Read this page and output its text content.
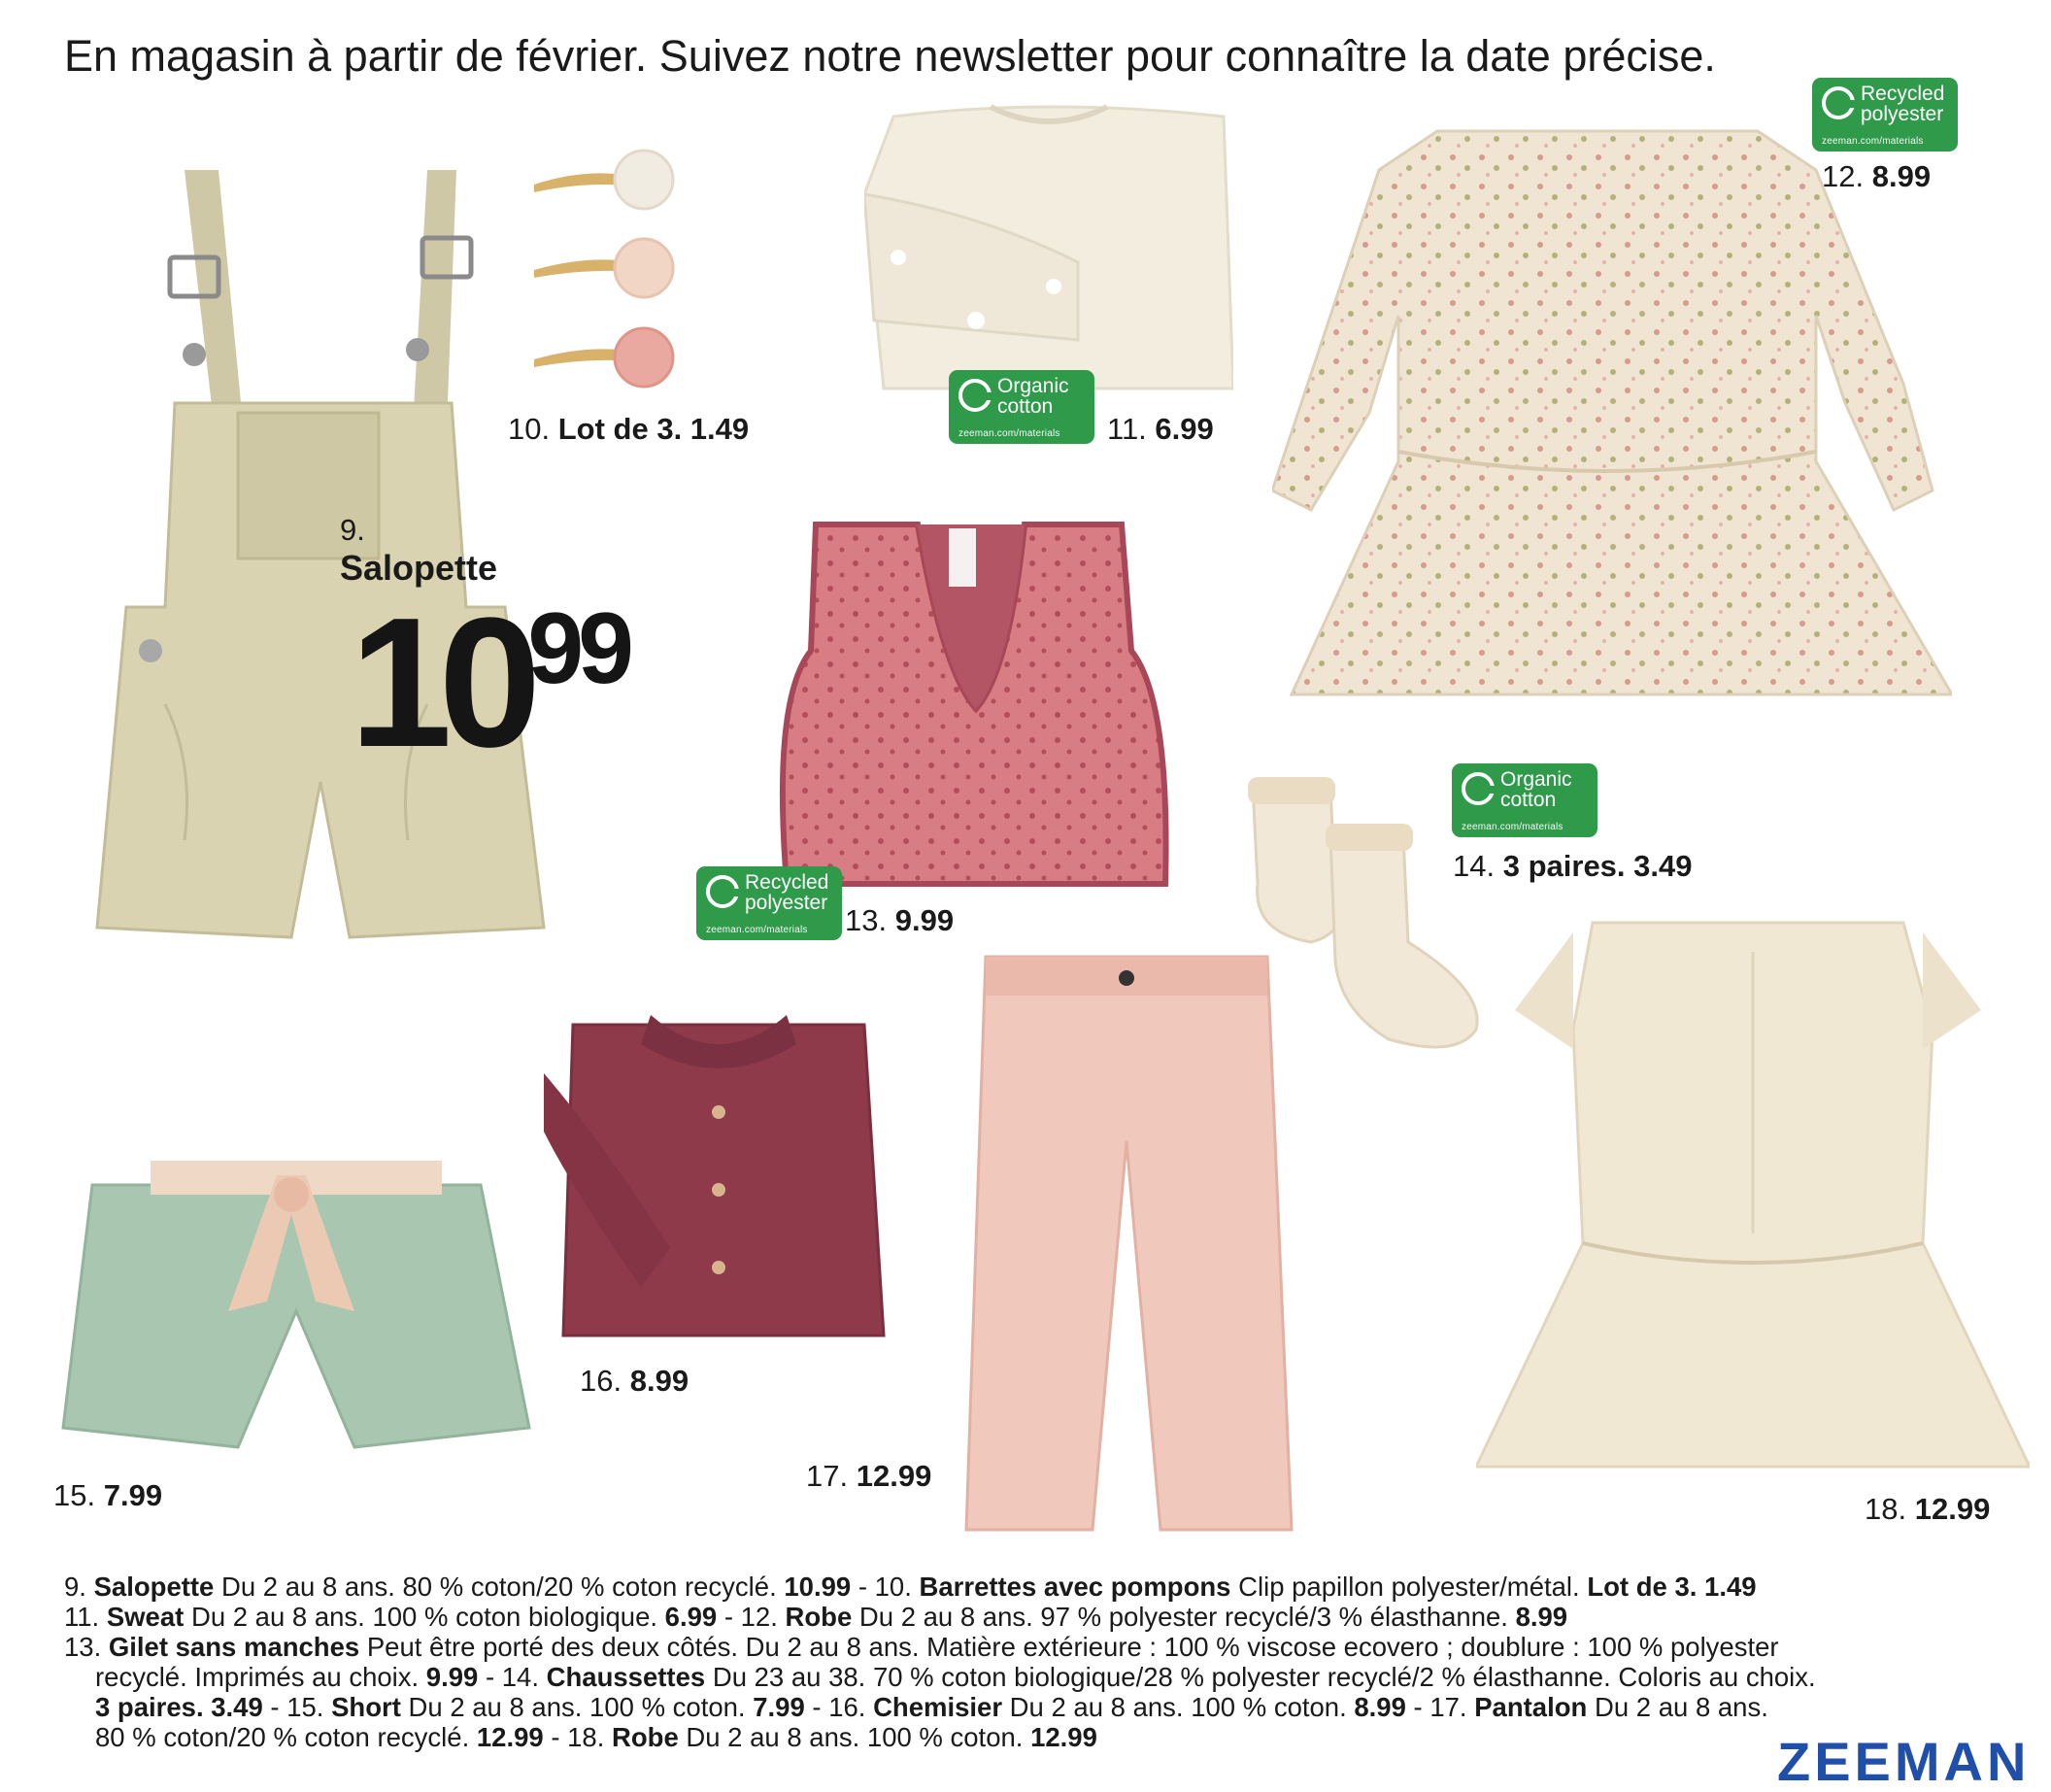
En magasin à partir de février. Suivez notre newsletter pour connaître la date précise.
9.
Salopette
1099
Recycled
polyester
zeeman.com/materials
Organic
cotton
zeeman.com/materials
Recycled
polyester
zeeman.com/materials
Organic
cotton
zeeman.com/materials
10. Lot de 3. 1.49	11. 6.99
12. 8.99
13. 9.99
14. 3 paires. 3.49
15. 7.99
16. 8.99
17. 12.99
18. 12.99

9. Salopette Du 2 au 8 ans. 80 % coton/20 % coton recyclé. 10.99 - 10. Barrettes avec pompons Clip papillon polyester/métal. Lot de 3. 1.49

11. Sweat Du 2 au 8 ans. 100 % coton biologique. 6.99 - 12. Robe Du 2 au 8 ans. 97 % polyester recyclé/3 % élasthanne. 8.99

13. Gilet sans manches Peut être porté des deux côtés. Du 2 au 8 ans. Matière extérieure : 100 % viscose ecovero ; doublure : 100 % polyester

recyclé. Imprimés au choix. 9.99 - 14. Chaussettes Du 23 au 38. 70 % coton biologique/28 % polyester recyclé/2 % élasthanne. Coloris au choix.

3 paires. 3.49 - 15. Short Du 2 au 8 ans. 100 % coton. 7.99 - 16. Chemisier Du 2 au 8 ans. 100 % coton. 8.99 - 17. Pantalon Du 2 au 8 ans.

80 % coton/20 % coton recyclé. 12.99 - 18. Robe Du 2 au 8 ans. 100 % coton. 12.99	ZEEMAN
